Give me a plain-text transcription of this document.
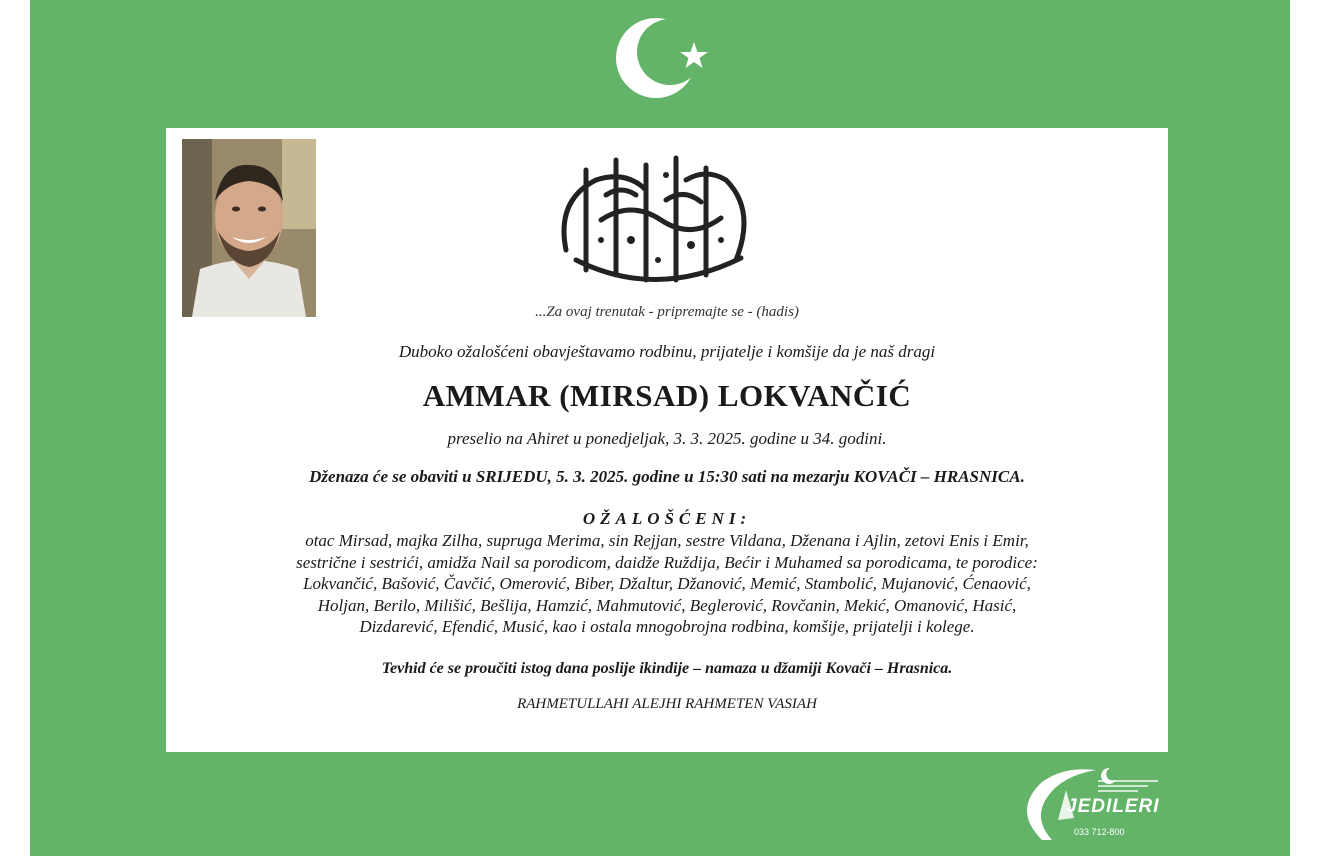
...Za ovaj trenutak - pripremajte se - (hadis)
Duboko ožalošćeni obavještavamo rodbinu, prijatelje i komšije da je naš dragi
AMMAR (MIRSAD) LOKVANČIĆ
preselio na Ahiret u ponedjeljak, 3. 3. 2025. godine u 34. godini.
Dženaza će se obaviti u SRIJEDU, 5. 3. 2025. godine u 15:30 sati na mezarju KOVAČI – HRASNICA.
OŽALOŠĆENI:
otac Mirsad, majka Zilha, supruga Merima, sin Rejjan, sestre Vildana, Dženana i Ajlin, zetovi Enis i Emir,
sestrične i sestrići, amidža Nail sa porodicom, daidže Ruždija, Bećir i Muhamed sa porodicama, te porodice:
Lokvančić, Bašović, Čavčić, Omerović, Biber, Džaltur, Džanović, Memić, Stambolić, Mujanović, Ćenaović,
Holjan, Berilo, Milišić, Bešlija, Hamzić, Mahmutović, Beglerović, Rovčanin, Mekić, Omanović, Hasić,
Dizdarević, Efendić, Musić, kao i ostala mnogobrojna rodbina, komšije, prijatelji i kolege.
Tevhid će se proučiti istog dana poslije ikindije – namaza u džamiji Kovači – Hrasnica.
RAHMETULLAHI ALEJHI RAHMETEN VASIAH
JEDILERI
033 712-800
